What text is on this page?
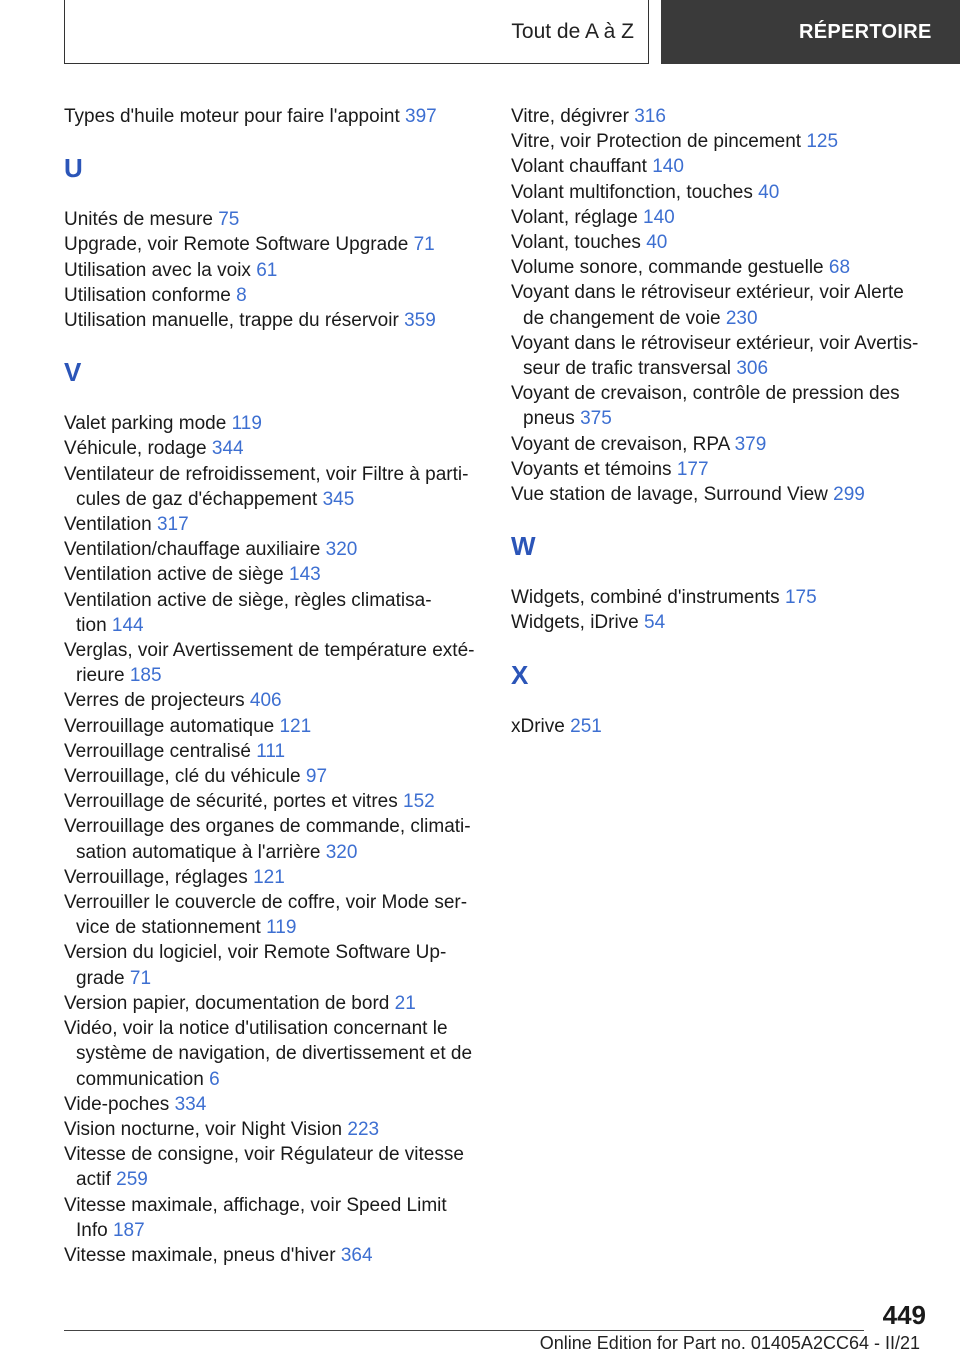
Tout de A à Z	RÉPERTOIRE

Types d'huile moteur pour faire l'appoint 397

U

Unités de mesure 75

Upgrade, voir Remote Software Upgrade 71

Utilisation avec la voix 61

Utilisation conforme 8

Utilisation manuelle, trappe du réservoir 359

V

Valet parking mode 119

Véhicule, rodage 344

Ventilateur de refroidissement, voir Filtre à parti-
cules de gaz d'échappement 345

Ventilation 317

Ventilation/chauffage auxiliaire 320

Ventilation active de siège 143

Ventilation active de siège, règles climatisa-
tion 144

Verglas, voir Avertissement de température exté-
rieure 185

Verres de projecteurs 406

Verrouillage automatique 121

Verrouillage centralisé 111

Verrouillage, clé du véhicule 97

Verrouillage de sécurité, portes et vitres 152

Verrouillage des organes de commande, climati-
sation automatique à l'arrière 320

Verrouillage, réglages 121

Verrouiller le couvercle de coffre, voir Mode ser-
vice de stationnement 119

Version du logiciel, voir Remote Software Up-
grade 71

Version papier, documentation de bord 21

Vidéo, voir la notice d'utilisation concernant le
système de navigation, de divertissement et de
communication 6

Vide-poches 334

Vision nocturne, voir Night Vision 223

Vitesse de consigne, voir Régulateur de vitesse
actif 259

Vitesse maximale, affichage, voir Speed Limit
Info 187

Vitesse maximale, pneus d'hiver 364

Vitre, dégivrer 316

Vitre, voir Protection de pincement 125

Volant chauffant 140

Volant multifonction, touches 40

Volant, réglage 140

Volant, touches 40

Volume sonore, commande gestuelle 68

Voyant dans le rétroviseur extérieur, voir Alerte
de changement de voie 230

Voyant dans le rétroviseur extérieur, voir Avertis-
seur de trafic transversal 306

Voyant de crevaison, contrôle de pression des
pneus 375

Voyant de crevaison, RPA 379

Voyants et témoins 177

Vue station de lavage, Surround View 299

W

Widgets, combiné d'instruments 175

Widgets, iDrive 54

X

xDrive 251

449
Online Edition for Part no. 01405A2CC64 - II/21
